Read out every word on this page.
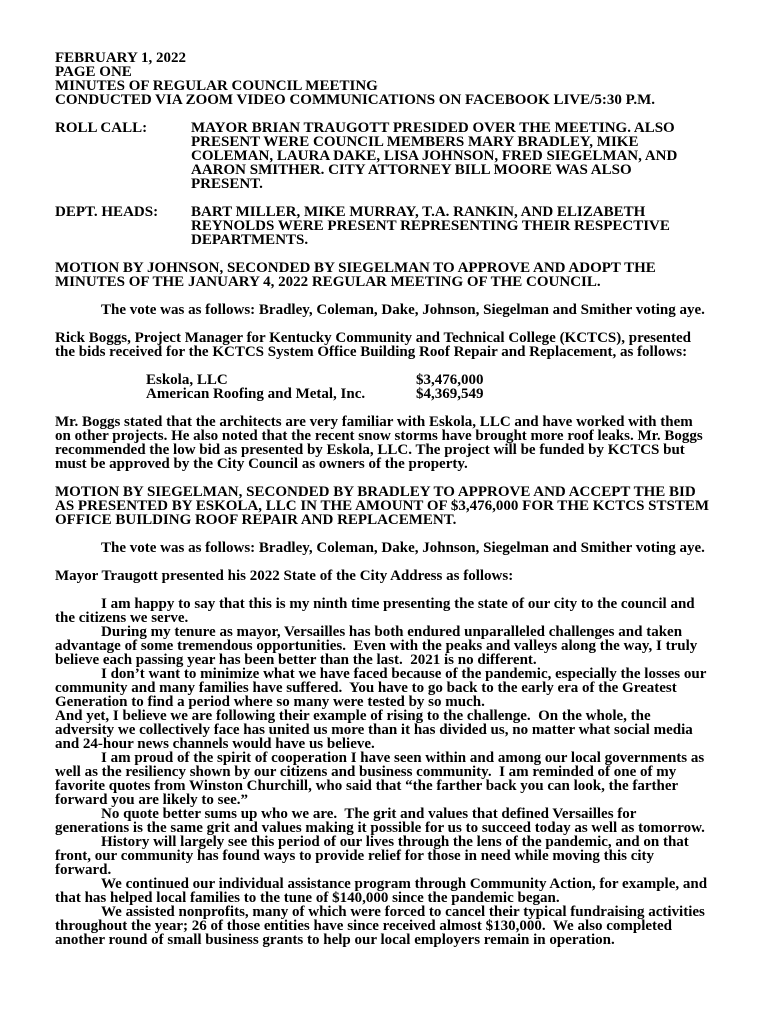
FEBRUARY 1, 2022
PAGE ONE
MINUTES OF REGULAR COUNCIL MEETING
CONDUCTED VIA ZOOM VIDEO COMMUNICATIONS ON FACEBOOK LIVE/5:30 P.M.
ROLL CALL:	MAYOR BRIAN TRAUGOTT PRESIDED OVER THE MEETING. ALSO
PRESENT WERE COUNCIL MEMBERS MARY BRADLEY, MIKE
COLEMAN, LAURA DAKE, LISA JOHNSON, FRED SIEGELMAN, AND
AARON SMITHER. CITY ATTORNEY BILL MOORE WAS ALSO
PRESENT.
DEPT. HEADS:	BART MILLER, MIKE MURRAY, T.A. RANKIN, AND ELIZABETH
REYNOLDS WERE PRESENT REPRESENTING THEIR RESPECTIVE
DEPARTMENTS.
MOTION BY JOHNSON, SECONDED BY SIEGELMAN TO APPROVE AND ADOPT THE
MINUTES OF THE JANUARY 4, 2022 REGULAR MEETING OF THE COUNCIL.
The vote was as follows: Bradley, Coleman, Dake, Johnson, Siegelman and Smither voting aye.
Rick Boggs, Project Manager for Kentucky Community and Technical College (KCTCS), presented
the bids received for the KCTCS System Office Building Roof Repair and Replacement, as follows:
Eskola, LLC	$3,476,000
American Roofing and Metal, Inc.	$4,369,549
Mr. Boggs stated that the architects are very familiar with Eskola, LLC and have worked with them
on other projects. He also noted that the recent snow storms have brought more roof leaks. Mr. Boggs
recommended the low bid as presented by Eskola, LLC. The project will be funded by KCTCS but
must be approved by the City Council as owners of the property.
MOTION BY SIEGELMAN, SECONDED BY BRADLEY TO APPROVE AND ACCEPT THE BID
AS PRESENTED BY ESKOLA, LLC IN THE AMOUNT OF $3,476,000 FOR THE KCTCS STSTEM
OFFICE BUILDING ROOF REPAIR AND REPLACEMENT.
The vote was as follows: Bradley, Coleman, Dake, Johnson, Siegelman and Smither voting aye.
Mayor Traugott presented his 2022 State of the City Address as follows:
I am happy to say that this is my ninth time presenting the state of our city to the council and
the citizens we serve.
During my tenure as mayor, Versailles has both endured unparalleled challenges and taken
advantage of some tremendous opportunities.  Even with the peaks and valleys along the way, I truly
believe each passing year has been better than the last.  2021 is no different.
I don’t want to minimize what we have faced because of the pandemic, especially the losses our
community and many families have suffered.  You have to go back to the early era of the Greatest
Generation to find a period where so many were tested by so much.
And yet, I believe we are following their example of rising to the challenge.  On the whole, the
adversity we collectively face has united us more than it has divided us, no matter what social media
and 24-hour news channels would have us believe.
I am proud of the spirit of cooperation I have seen within and among our local governments as
well as the resiliency shown by our citizens and business community.  I am reminded of one of my
favorite quotes from Winston Churchill, who said that “the farther back you can look, the farther
forward you are likely to see.”
No quote better sums up who we are.  The grit and values that defined Versailles for
generations is the same grit and values making it possible for us to succeed today as well as tomorrow.
History will largely see this period of our lives through the lens of the pandemic, and on that
front, our community has found ways to provide relief for those in need while moving this city
forward.
We continued our individual assistance program through Community Action, for example, and
that has helped local families to the tune of $140,000 since the pandemic began.
We assisted nonprofits, many of which were forced to cancel their typical fundraising activities
throughout the year; 26 of those entities have since received almost $130,000.  We also completed
another round of small business grants to help our local employers remain in operation.
